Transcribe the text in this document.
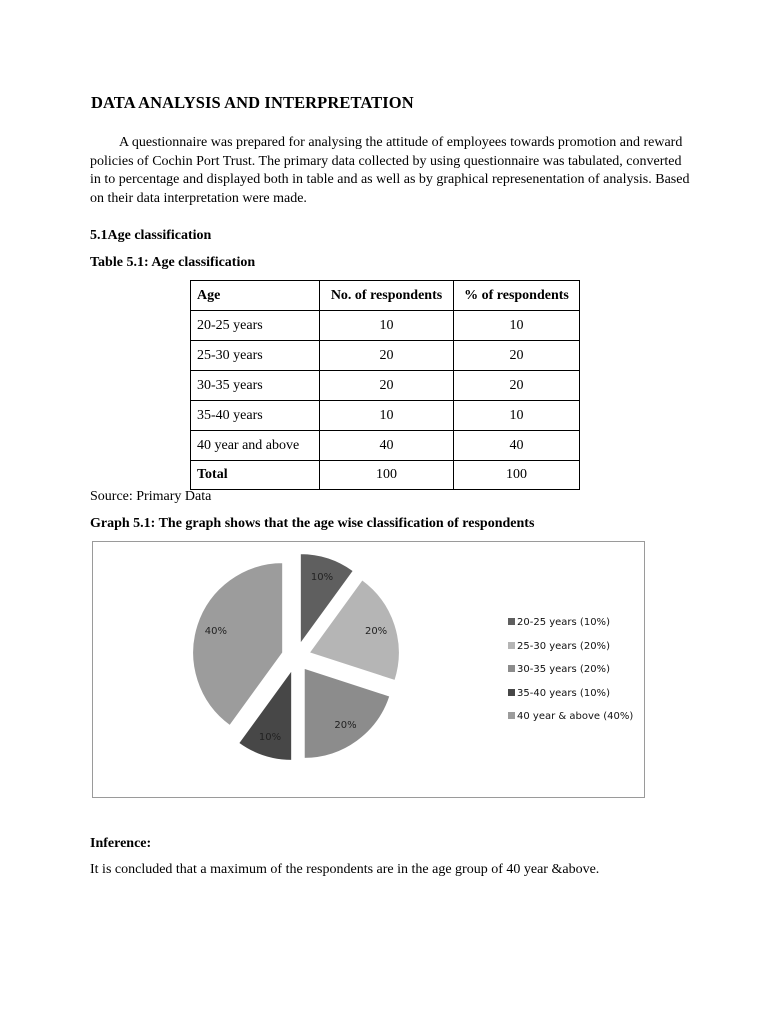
DATA ANALYSIS AND INTERPRETATION
A questionnaire was prepared for analysing the attitude of employees towards promotion and reward policies of Cochin Port Trust. The primary data collected by using questionnaire was tabulated, converted in to percentage and displayed both in table and as well as by graphical represenentation of analysis. Based on their data interpretation were made.
5.1Age classification
Table 5.1: Age classification
Age	No. of respondents	% of respondents
20-25 years	10	10
25-30 years	20	20
30-35 years	20	20
35-40 years	10	10
40 year and above	40	40
Total	100	100
Source: Primary Data
Graph 5.1: The graph shows that the age wise classification of respondents
10%
20%
20%
10%
40%
20-25 years (10%)
25-30 years (20%)
30-35 years (20%)
35-40 years (10%)
40 year & above (40%)
Inference:
It is concluded that a maximum of the respondents are in the age group of 40 year &above.
